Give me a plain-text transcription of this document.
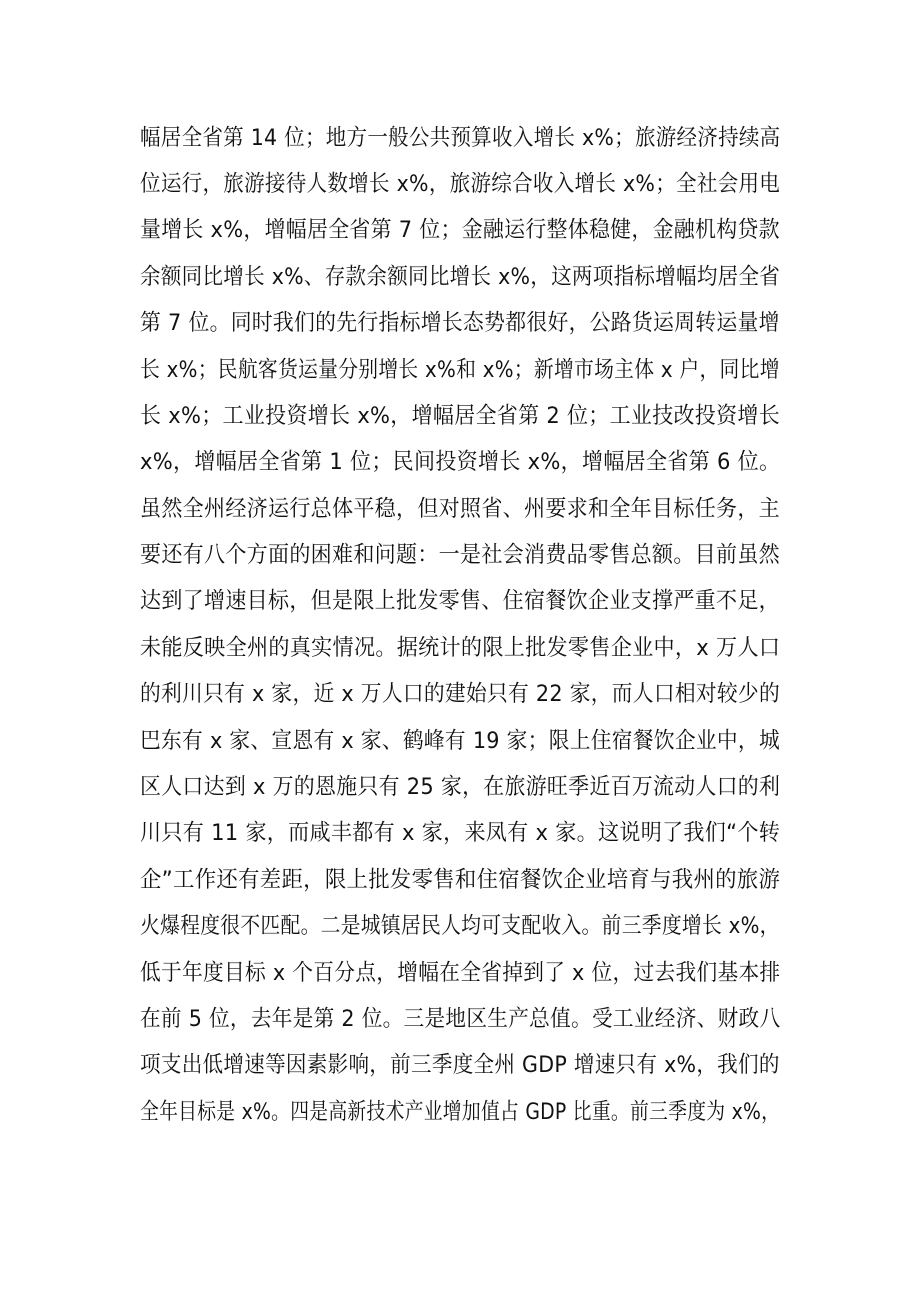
幅居全省第 14 位；地方一般公共预算收入增长 x%；旅游经济持续高

位运行，旅游接待人数增长 x%，旅游综合收入增长 x%；全社会用电

量增长 x%，增幅居全省第 7 位；金融运行整体稳健，金融机构贷款

余额同比增长 x%、存款余额同比增长 x%，这两项指标增幅均居全省

第 7 位。同时我们的先行指标增长态势都很好，公路货运周转运量增

长 x%；民航客货运量分别增长 x%和 x%；新增市场主体 x 户，同比增

长 x%；工业投资增长 x%，增幅居全省第 2 位；工业技改投资增长

x%，增幅居全省第 1 位；民间投资增长 x%，增幅居全省第 6 位。

虽然全州经济运行总体平稳，但对照省、州要求和全年目标任务，主

要还有八个方面的困难和问题：一是社会消费品零售总额。目前虽然

达到了增速目标，但是限上批发零售、住宿餐饮企业支撑严重不足，

未能反映全州的真实情况。据统计的限上批发零售企业中，x 万人口

的利川只有 x 家，近 x 万人口的建始只有 22 家，而人口相对较少的

巴东有 x 家、宣恩有 x 家、鹤峰有 19 家；限上住宿餐饮企业中，城

区人口达到 x 万的恩施只有 25 家，在旅游旺季近百万流动人口的利

川只有 11 家，而咸丰都有 x 家，来凤有 x 家。这说明了我们“个转

企”工作还有差距，限上批发零售和住宿餐饮企业培育与我州的旅游

火爆程度很不匹配。二是城镇居民人均可支配收入。前三季度增长 x%，

低于年度目标 x 个百分点，增幅在全省掉到了 x 位，过去我们基本排

在前 5 位，去年是第 2 位。三是地区生产总值。受工业经济、财政八

项支出低增速等因素影响，前三季度全州 GDP 增速只有 x%，我们的

全年目标是 x%。四是高新技术产业增加值占 GDP 比重。前三季度为 x%，
